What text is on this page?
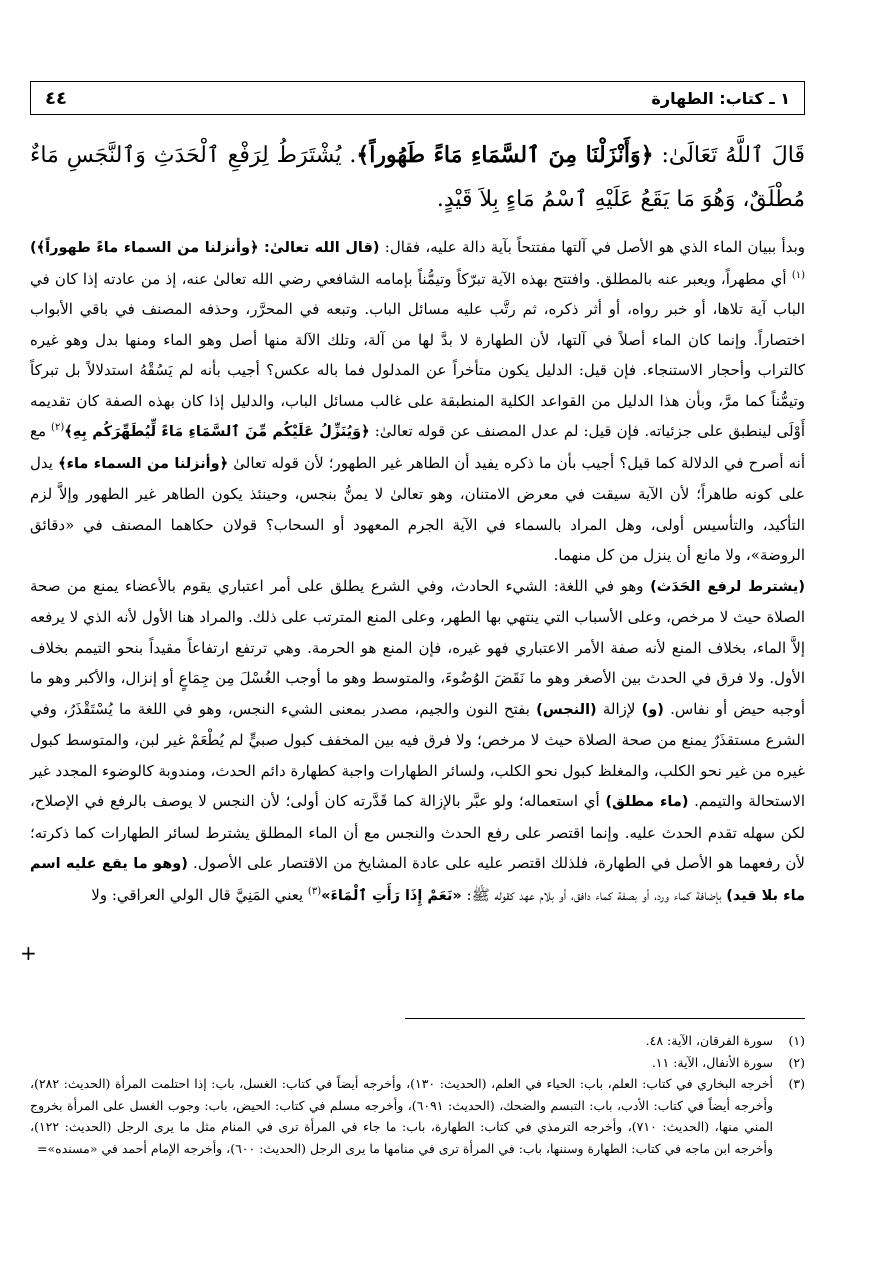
١ ـ كتاب: الطهارة
٤٤
قَالَ ٱللَّهُ تَعَالَىٰ: ﴿وَأَنْزَلْنَا مِنَ ٱلسَّمَاءِ مَاءً طَهُوراً﴾. يُشْتَرَطُ لِرَفْعِ ٱلْحَدَثِ وَٱلنَّجَسِ مَاءٌ مُطْلَقٌ، وَهُوَ مَا يَقَعُ عَلَيْهِ ٱسْمُ مَاءٍ بِلاَ قَيْدٍ.

وبدأ ببيان الماء الذي هو الأصل في آلتها مفتتحاً بآية دالة عليه، فقال: (قال الله تعالىٰ: ﴿وأنزلنا من السماء ماءً طهوراً﴾)$^{(١)}$ أي مطهراً، ويعبر عنه بالمطلق. وافتتح بهذه الآية تبرّكاً وتيمُّناً بإمامه الشافعي رضي الله تعالىٰ عنه، إذ من عادته إذا كان في الباب آية تلاها، أو خبر رواه، أو أثر ذكره، ثم رتَّب عليه مسائل الباب. وتبعه في المحرَّر، وحذفه المصنف في باقي الأبواب اختصاراً. وإنما كان الماء أصلاً في آلتها، لأن الطهارة لا بدَّ لها من آلة، وتلك الآلة منها أصل وهو الماء ومنها بدل وهو غيره كالتراب وأحجار الاستنجاء. فإن قيل: الدليل يكون متأخراً عن المدلول فما باله عكس؟ أجيب بأنه لم يَسُقْهُ استدلالاً بل تبركاً وتيمُّناً كما مرَّ، وبأن هذا الدليل من القواعد الكلية المنطبقة على غالب مسائل الباب، والدليل إذا كان بهذه الصفة كان تقديمه أَوْلَى لينطبق على جزئياته. فإن قيل: لم عدل المصنف عن قوله تعالىٰ: ﴿وَيُنَزِّلُ عَلَيْكُم مِّنَ ٱلسَّمَاءِ مَاءً لِّيُطَهِّرَكُم بِهِ﴾$^{(٢)}$ مع أنه أصرح في الدلالة كما قيل؟ أجيب بأن ما ذكره يفيد أن الطاهر غير الطهور؛ لأن قوله تعالىٰ ﴿وأنزلنا من السماء ماء﴾ يدل على كونه طاهراً؛ لأن الآية سيقت في معرض الامتنان، وهو تعالىٰ لا يمنُّ بنجس، وحينئذ يكون الطاهر غير الطهور وإلاَّ لزم التأكيد، والتأسيس أولى، وهل المراد بالسماء في الآية الجرم المعهود أو السحاب؟ قولان حكاهما المصنف في «دقائق الروضة»، ولا مانع أن ينزل من كل منهما.

(يشترط لرفع الحَدَث) وهو في اللغة: الشيء الحادث، وفي الشرع يطلق على أمر اعتباري يقوم بالأعضاء يمنع من صحة الصلاة حيث لا مرخص، وعلى الأسباب التي ينتهي بها الطهر، وعلى المنع المترتب على ذلك. والمراد هنا الأول لأنه الذي لا يرفعه إلاَّ الماء، بخلاف المنع لأنه صفة الأمر الاعتباري فهو غيره، فإن المنع هو الحرمة. وهي ترتفع ارتفاعاً مقيداً بنحو التيمم بخلاف الأول. ولا فرق في الحدث بين الأصغر وهو ما نَقَضَ الوُضُوءَ، والمتوسط وهو ما أوجب الغُسْلَ مِن جِمَاعٍ أو إنزال، والأكبر وهو ما أوجبه حيض أو نفاس. (و) لإزالة (النجس) بفتح النون والجيم، مصدر بمعنى الشيء النجس، وهو في اللغة ما يُسْتَقْذَرُ، وفي الشرع مستقذَرٌ يمنع من صحة الصلاة حيث لا مرخص؛ ولا فرق فيه بين المخفف كبول صبيٍّ لم يُطْعَمْ غير لبن، والمتوسط كبول غيره من غير نحو الكلب، والمغلظ كبول نحو الكلب، ولسائر الطهارات واجبة كطهارة دائم الحدث، ومندوبة كالوضوء المجدد غير الاستحالة والتيمم. (ماء مطلق) أي استعماله؛ ولو عبَّر بالإزالة كما قَدَّرته كان أولى؛ لأن النجس لا يوصف بالرفع في الإصلاح، لكن سهله تقدم الحدث عليه. وإنما اقتصر على رفع الحدث والنجس مع أن الماء المطلق يشترط لسائر الطهارات كما ذكرته؛ لأن رفعهما هو الأصل في الطهارة، فلذلك اقتصر عليه على عادة المشايخ من الاقتصار على الأصول. (وهو ما يقع عليه اسم ماء بلا قيد) بإضافة كماء ورد، أو بصفة كماء دافق، أو بلام عهد كقوله ﷺ: «نَعَمْ إِذَا رَأَتِ ٱلْمَاءَ»$^{(٣)}$ يعني المَنِيَّ قال الولي العراقي: ولا

+
(١)
سورة الفرقان، الآية: ٤٨.
(٢)
سورة الأنفال، الآية: ١١.
(٣)
أخرجه البخاري في كتاب: العلم، باب: الحياء في العلم، (الحديث: ١٣٠)، وأخرجه أيضاً في كتاب: الغسل، باب: إذا احتلمت المرأة (الحديث: ٢٨٢)، وأخرجه أيضاً في كتاب: الأدب، باب: التبسم والضحك، (الحديث: ٦٠٩١)، وأخرجه مسلم في كتاب: الحيض، باب: وجوب الغسل على المرأة بخروج المني منها، (الحديث: ٧١٠)، وأخرجه الترمذي في كتاب: الطهارة، باب: ما جاء في المرأة ترى في المنام مثل ما يرى الرجل (الحديث: ١٢٢)، وأخرجه ابن ماجه في كتاب: الطهارة وسننها، باب: في المرأة ترى في منامها ما يرى الرجل (الحديث: ٦٠٠)، وأخرجه الإمام أحمد في «مسنده»=
